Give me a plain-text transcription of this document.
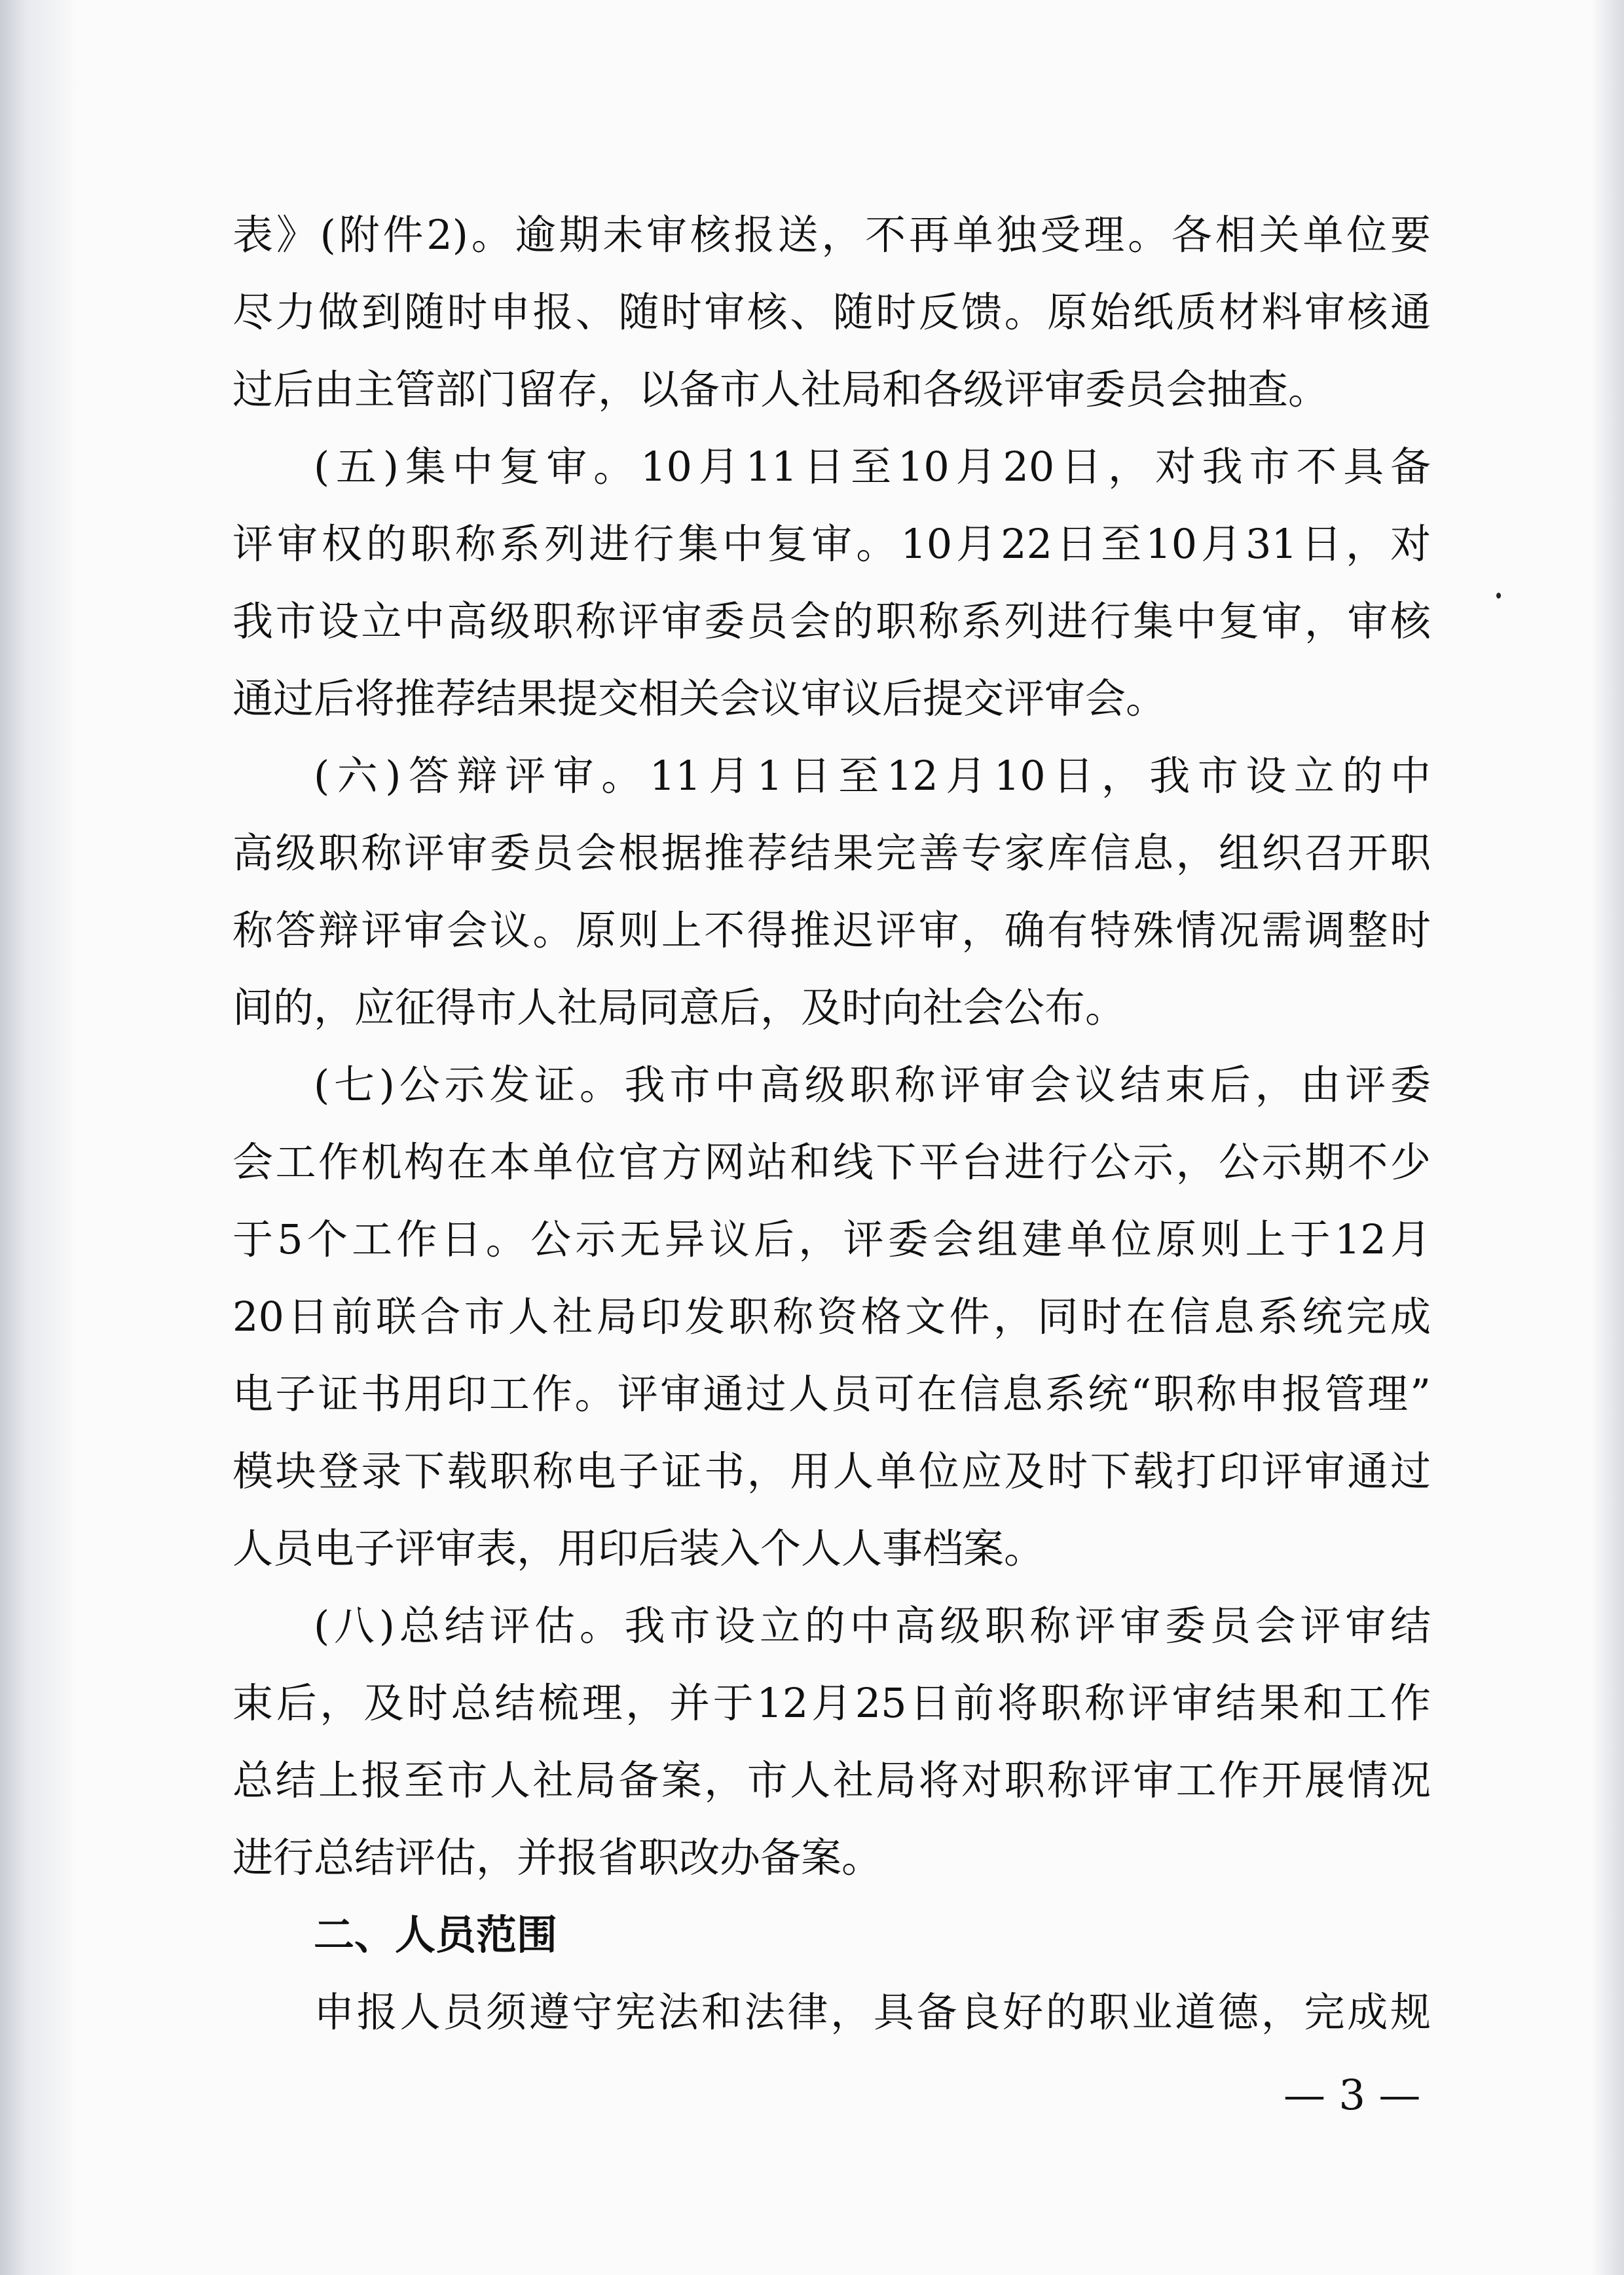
表》(附件2)。逾期未审核报送，不再单独受理。各相关单位要
尽力做到随时申报、随时审核、随时反馈。原始纸质材料审核通
过后由主管部门留存，以备市人社局和各级评审委员会抽查。
(五)集中复审。10月11日至10月20日，对我市不具备
评审权的职称系列进行集中复审。10月22日至10月31日，对
我市设立中高级职称评审委员会的职称系列进行集中复审，审核
通过后将推荐结果提交相关会议审议后提交评审会。
(六)答辩评审。11月1日至12月10日，我市设立的中
高级职称评审委员会根据推荐结果完善专家库信息，组织召开职
称答辩评审会议。原则上不得推迟评审，确有特殊情况需调整时
间的，应征得市人社局同意后，及时向社会公布。
(七)公示发证。我市中高级职称评审会议结束后，由评委
会工作机构在本单位官方网站和线下平台进行公示，公示期不少
于5个工作日。公示无异议后，评委会组建单位原则上于12月
20日前联合市人社局印发职称资格文件，同时在信息系统完成
电子证书用印工作。评审通过人员可在信息系统“职称申报管理”
模块登录下载职称电子证书，用人单位应及时下载打印评审通过
人员电子评审表，用印后装入个人人事档案。
(八)总结评估。我市设立的中高级职称评审委员会评审结
束后，及时总结梳理，并于12月25日前将职称评审结果和工作
总结上报至市人社局备案，市人社局将对职称评审工作开展情况
进行总结评估，并报省职改办备案。
二、人员范围
申报人员须遵守宪法和法律，具备良好的职业道德，完成规
— 3 —
